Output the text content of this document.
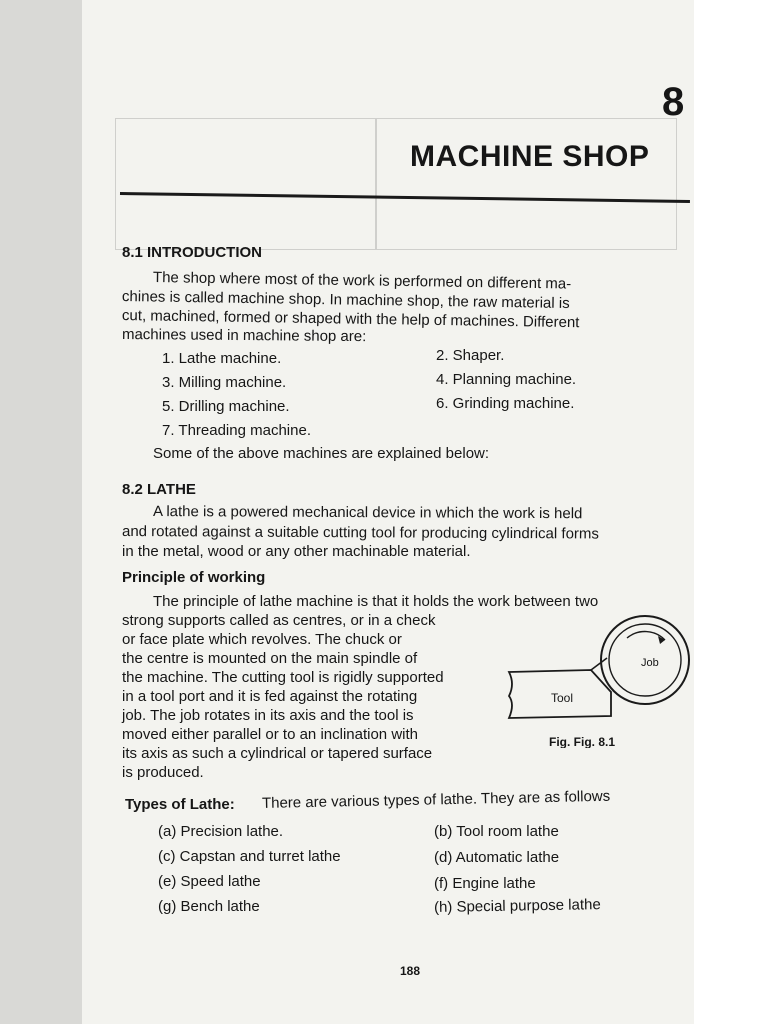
8
MACHINE SHOP
8.1 INTRODUCTION
The shop where most of the work is performed on different ma-
chines is called machine shop. In machine shop, the raw material is
cut, machined, formed or shaped with the help of machines. Different
machines used in machine shop are:
1. Lathe machine.	2. Shaper.
3. Milling machine.	4. Planning machine.
5. Drilling machine.	6. Grinding machine.
7. Threading machine.
Some of the above machines are explained below:
8.2 LATHE
A lathe is a powered mechanical device in which the work is held
and rotated against a suitable cutting tool for producing cylindrical forms
in the metal, wood or any other machinable material.
Principle of working
The principle of lathe machine is that it holds the work between two
strong supports called as centres, or in a check
or face plate which revolves. The chuck or
the centre is mounted on the main spindle of
the machine. The cutting tool is rigidly supported
in a tool port and it is fed against the rotating
job. The job rotates in its axis and the tool is
moved either parallel or to an inclination with
its axis as such a cylindrical or tapered surface
is produced.
Job
Tool
Fig. Fig. 8.1
Types of Lathe: There are various types of lathe. They are as follows
(a) Precision lathe.	(b) Tool room lathe
(c) Capstan and turret lathe	(d) Automatic lathe
(e) Speed lathe	(f) Engine lathe
(g) Bench lathe	(h) Special purpose lathe
188
